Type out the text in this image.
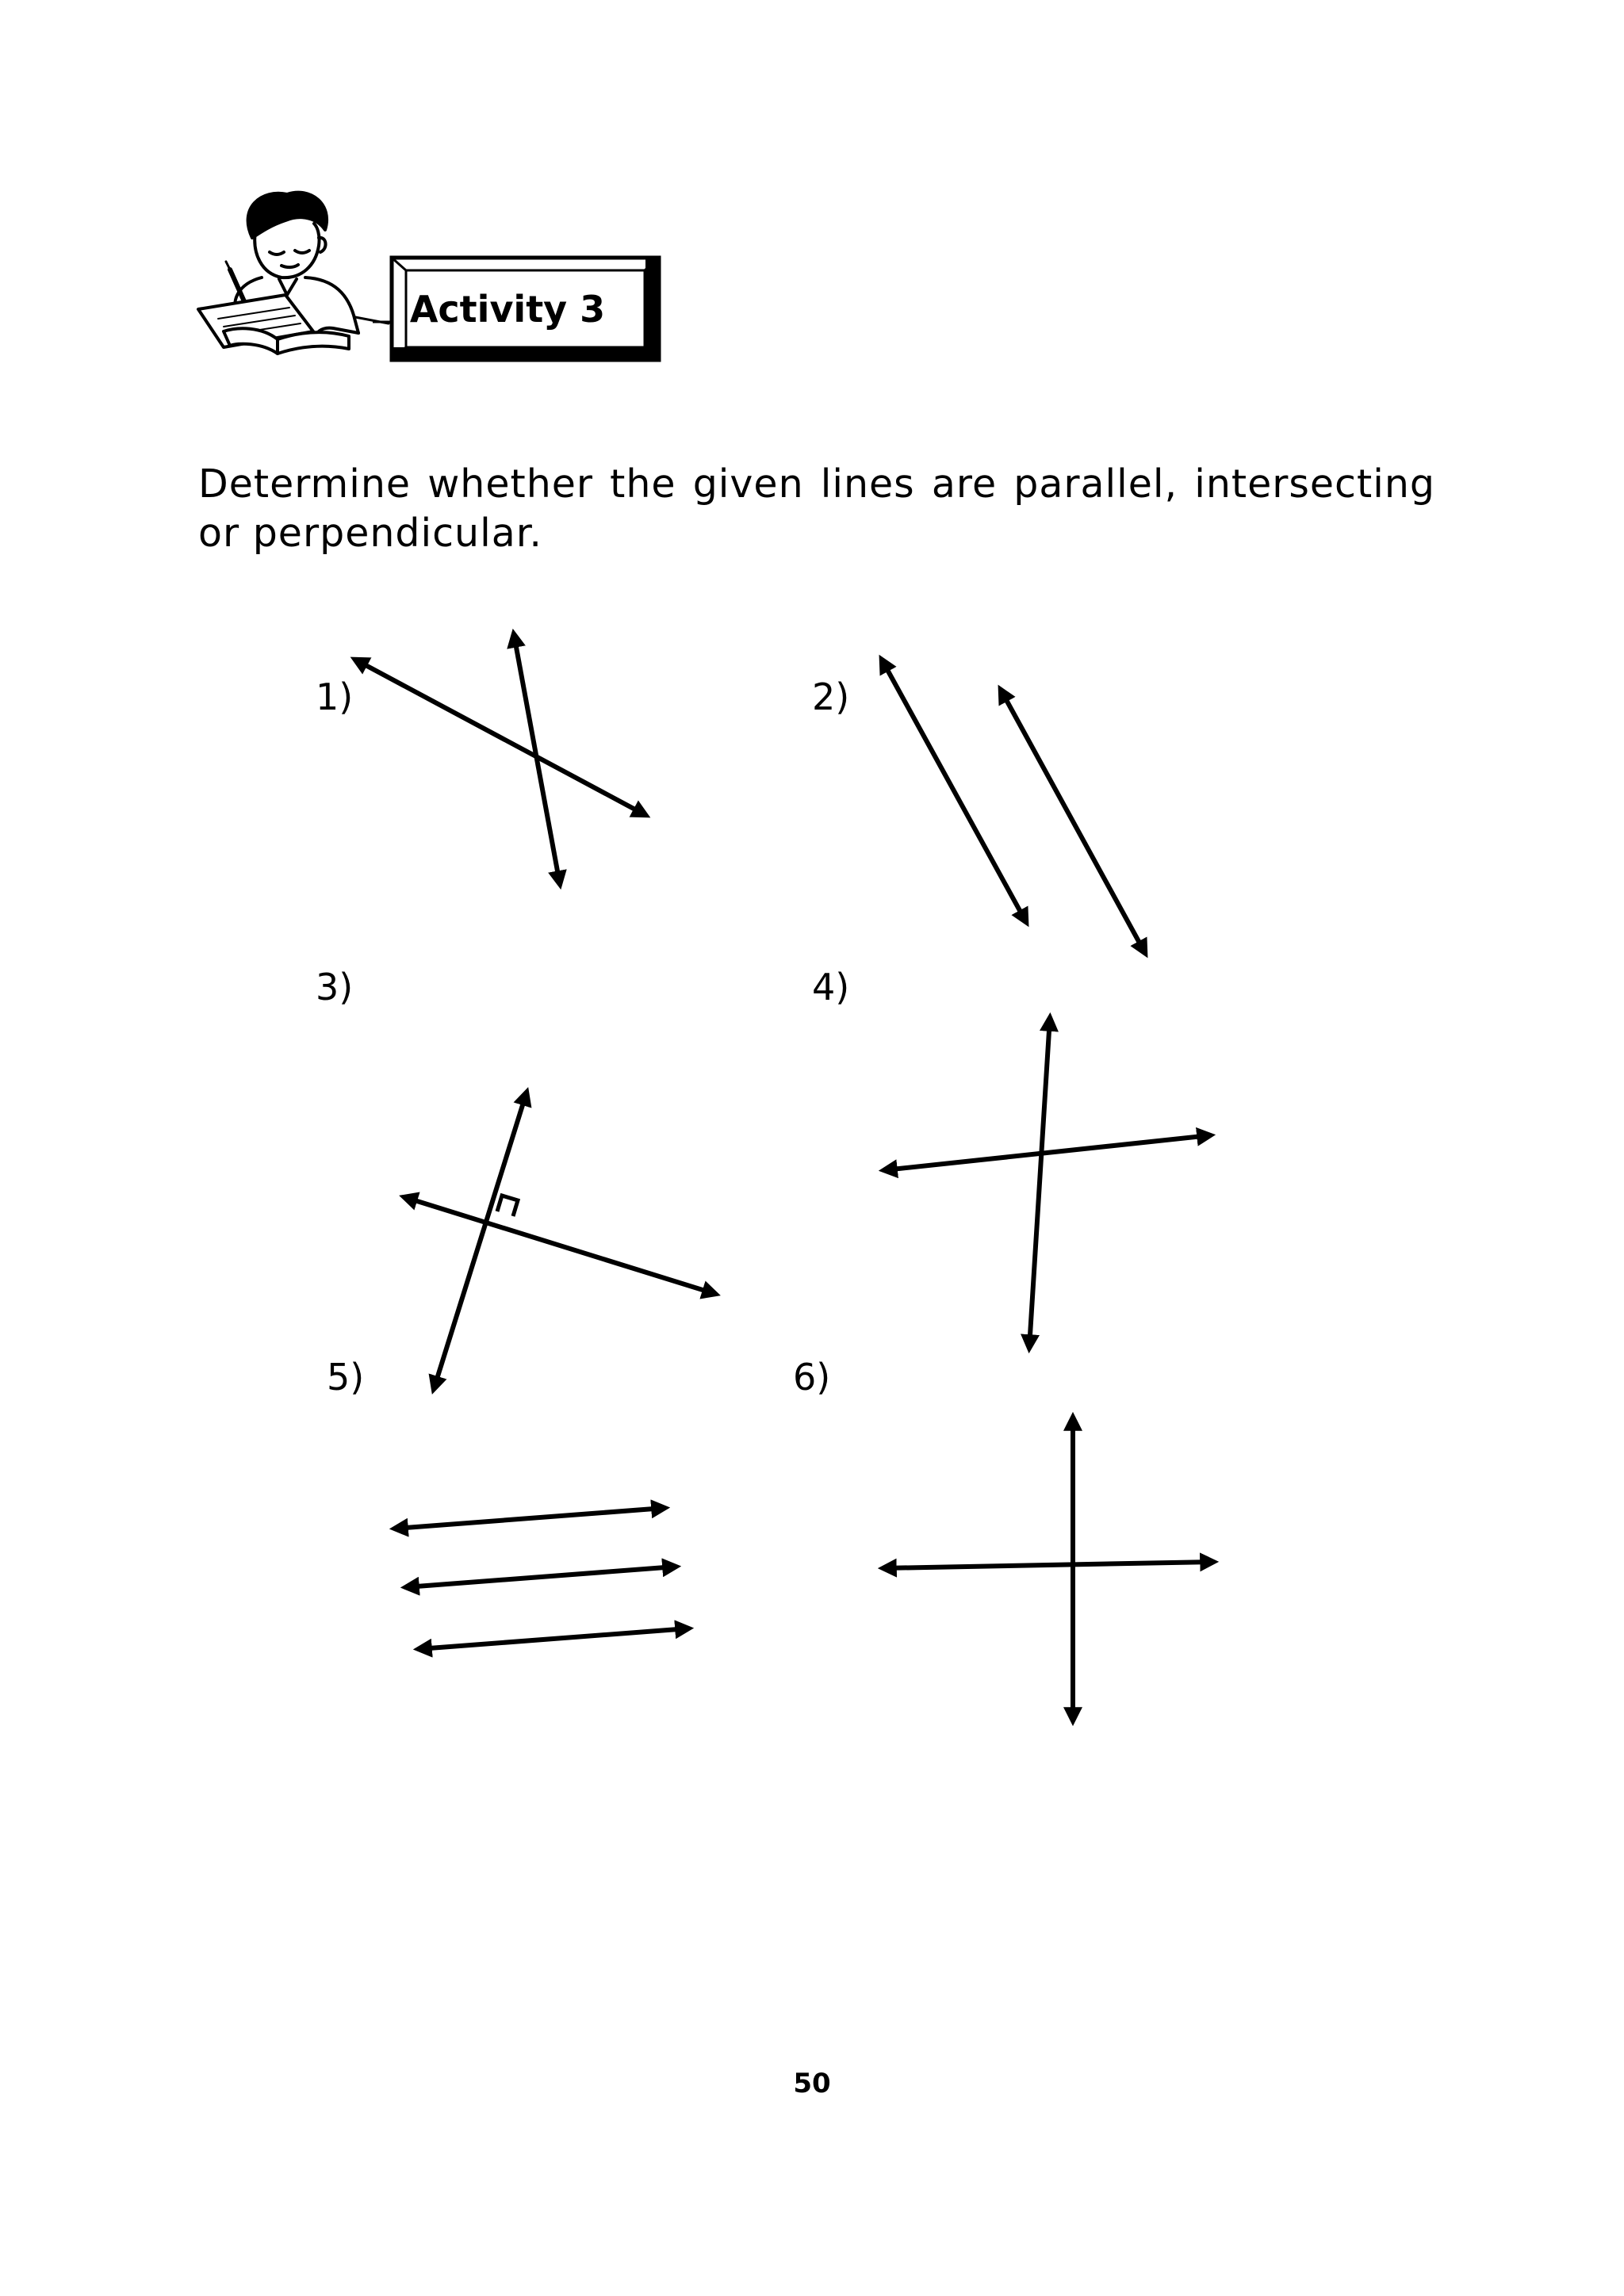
Activity 3

Determine whether the given lines are parallel, intersecting or perpendicular.

1)	2)
3)	4)
5)	6)
50
